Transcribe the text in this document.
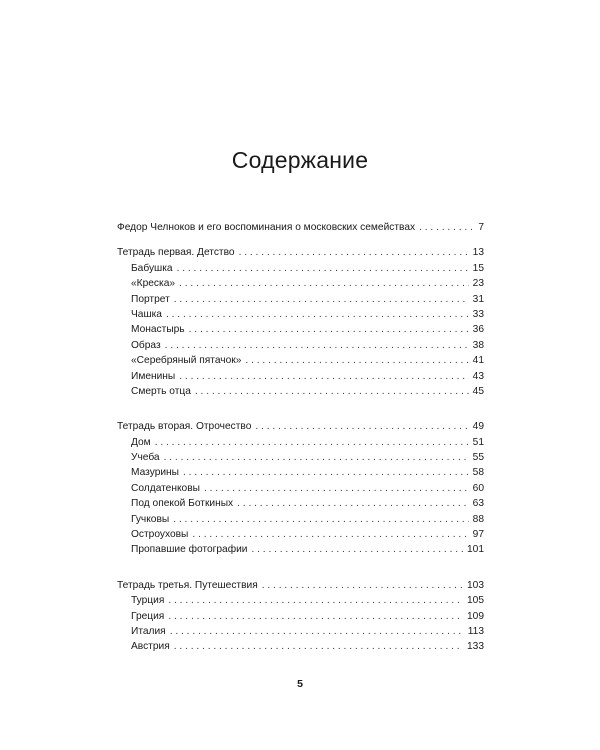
Содержание
Федор Челноков и его воспоминания о московских семействах . . .	7
Тетрадь первая. Детство . . .	13
Бабушка . . .	15
«Креска» . . .	23
Портрет . . .	31
Чашка . . .	33
Монастырь . . .	36
Образ . . .	38
«Серебряный пятачок» . . .	41
Именины . . .	43
Смерть отца . . .	45
Тетрадь вторая. Отрочество . . .	49
Дом . . .	51
Учеба . . .	55
Мазурины . . .	58
Солдатенковы . . .	60
Под опекой Боткиных . . .	63
Гучковы . . .	88
Остроуховы . . .	97
Пропавшие фотографии . . .	101
Тетрадь третья. Путешествия . . .	103
Турция . . .	105
Греция . . .	109
Италия . . .	113
Австрия . . .	133
5
